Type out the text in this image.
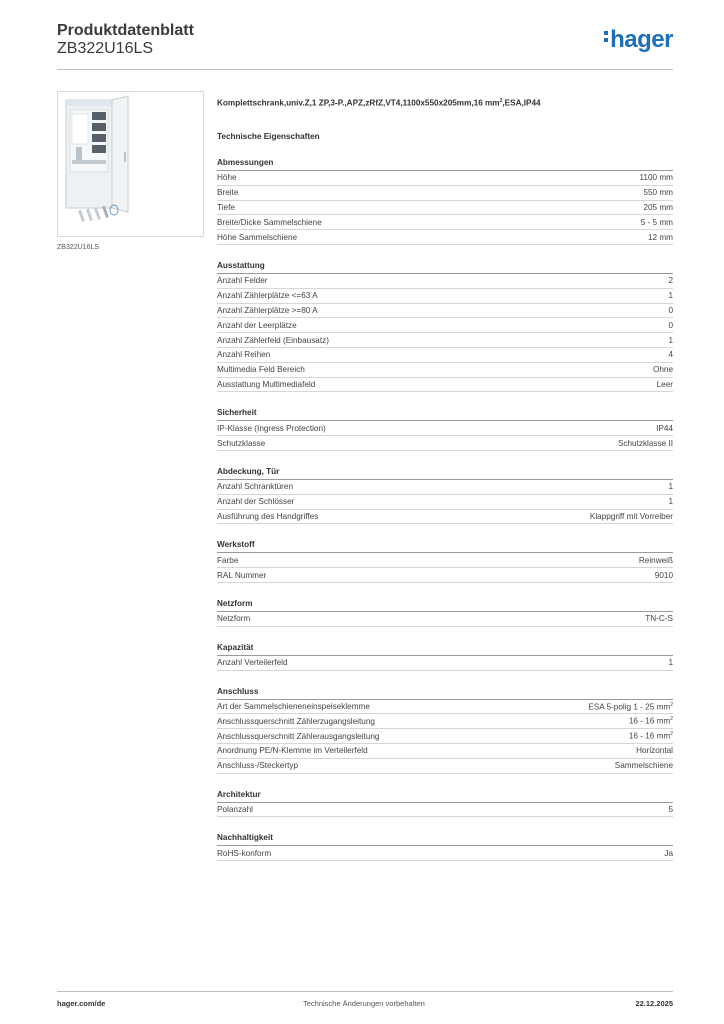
Produktdatenblatt
ZB322U16LS	hager
ZB322U16LS
Komplettschrank,univ.Z,1 ZP,3-P.,APZ,zRfZ,VT4,1100x550x205mm,16 $mm^2,ESA,IP44$
Technische Eigenschaften
Abmessungen
Höhe	1100 mm
Breite	550 mm
Tiefe	205 mm
Breite/Dicke Sammelschiene	5 - 5 mm
Höhe Sammelschiene	12 mm
Ausstattung
Anzahl Felder	2
Anzahl Zählerplätze <=63 A	1
Anzahl Zählerplätze >=80 A	0
Anzahl der Leerplätze	0
Anzahl Zählerfeld (Einbausatz)	1
Anzahl Reihen	4
Multimedia Feld Bereich	Ohne
Ausstattung Multimediafeld	Leer
Sicherheit
IP-Klasse (Ingress Protection)	IP44
Schutzklasse	Schutzklasse II
Abdeckung, Tür
Anzahl Schranktüren	1
Anzahl der Schlösser	1
Ausführung des Handgriffes	Klappgriff mit Vorreiber
Werkstoff
Farbe	Reinweiß
RAL Nummer	9010
Netzform
Netzform	TN-C-S
Kapazität
Anzahl Verteilerfeld	1
Anschluss
Art der Sammelschieneneinspeiseklemme	ESA 5-polig 1 - 25 $mm^2$
Anschlussquerschnitt Zählerzugangsleitung	16 - 16 $mm^2$
Anschlussquerschnitt Zählerausgangsleitung	16 - 16 $mm^2$
Anordnung PE/N-Klemme im Verteilerfeld	Horizontal
Anschluss-/Steckertyp	Sammelschiene
Architektur
Polanzahl	5
Nachhaltigkeit
RoHS-konform	Ja
hager.com/de	Technische Änderungen vorbehalten	22.12.2025
